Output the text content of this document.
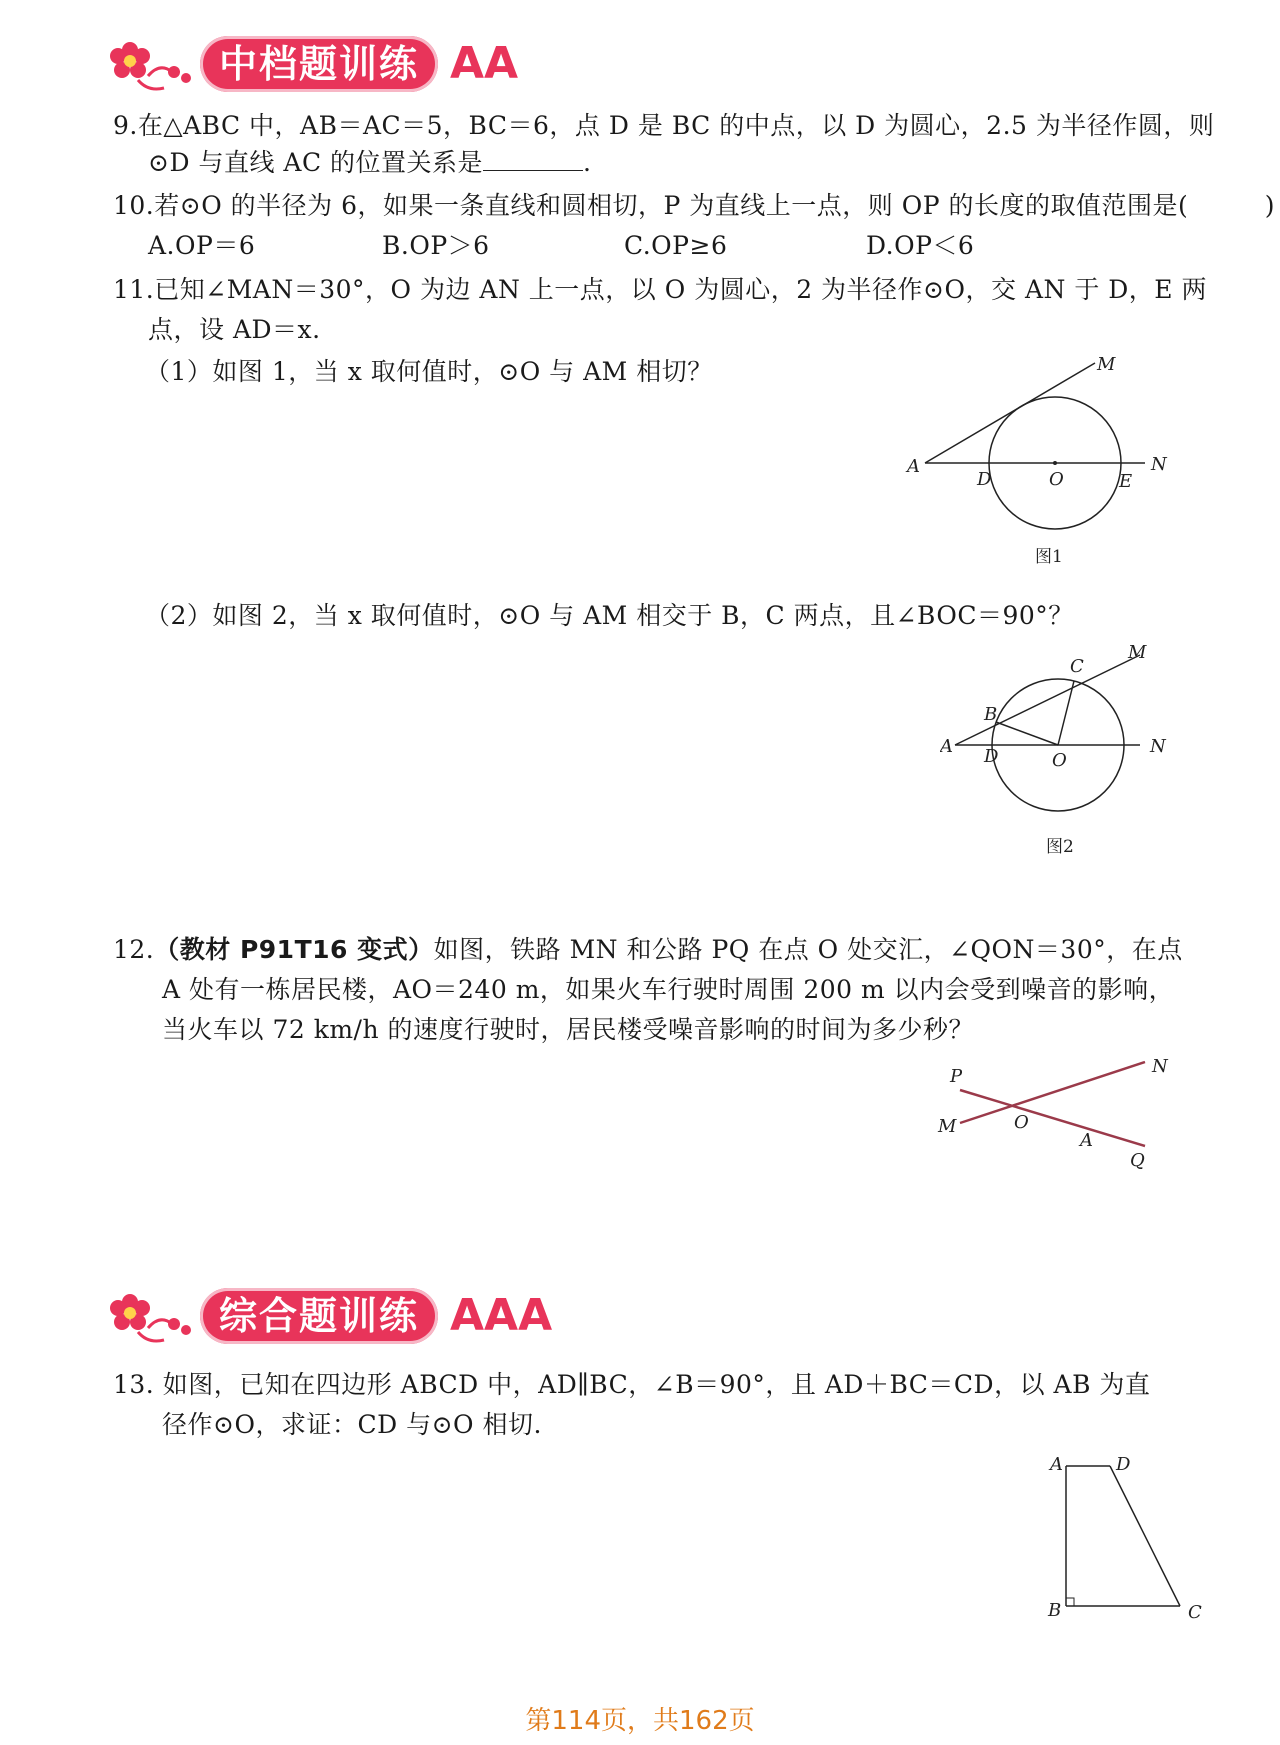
中档题训练 AA
9.在△ABC 中，AB＝AC＝5，BC＝6，点 D 是 BC 的中点，以 D 为圆心，2.5 为半径作圆，则
⊙D 与直线 AC 的位置关系是	.
10.若⊙O 的半径为 6，如果一条直线和圆相切，P 为直线上一点，则 OP 的长度的取值范围是(　　　)
A.OP＝6	B.OP＞6	C.OP≥6	D.OP＜6
11.已知∠MAN＝30°，O 为边 AN 上一点，以 O 为圆心，2 为半径作⊙O，交 AN 于 D，E 两
点，设 AD＝x.
（1）如图 1，当 x 取何值时，⊙O 与 AM 相切？	M
A
D	O	E
N
图1
（2）如图 2，当 x 取何值时，⊙O 与 AM 相交于 B，C 两点，且∠BOC＝90°？
M
C
B
A D	O
N
图2
12.（教材 P91T16 变式）如图，铁路 MN 和公路 PQ 在点 O 处交汇，∠QON＝30°，在点
A 处有一栋居民楼，AO＝240 m，如果火车行驶时周围 200 m 以内会受到噪音的影响，
当火车以 72 km/h 的速度行驶时，居民楼受噪音影响的时间为多少秒？
P	N
M	O
A
Q
综合题训练 AAA
13. 如图，已知在四边形 ABCD 中，AD∥BC，∠B＝90°，且 AD＋BC＝CD，以 AB 为直
径作⊙O，求证：CD 与⊙O 相切.
A	D
B	C
第114页，共162页
